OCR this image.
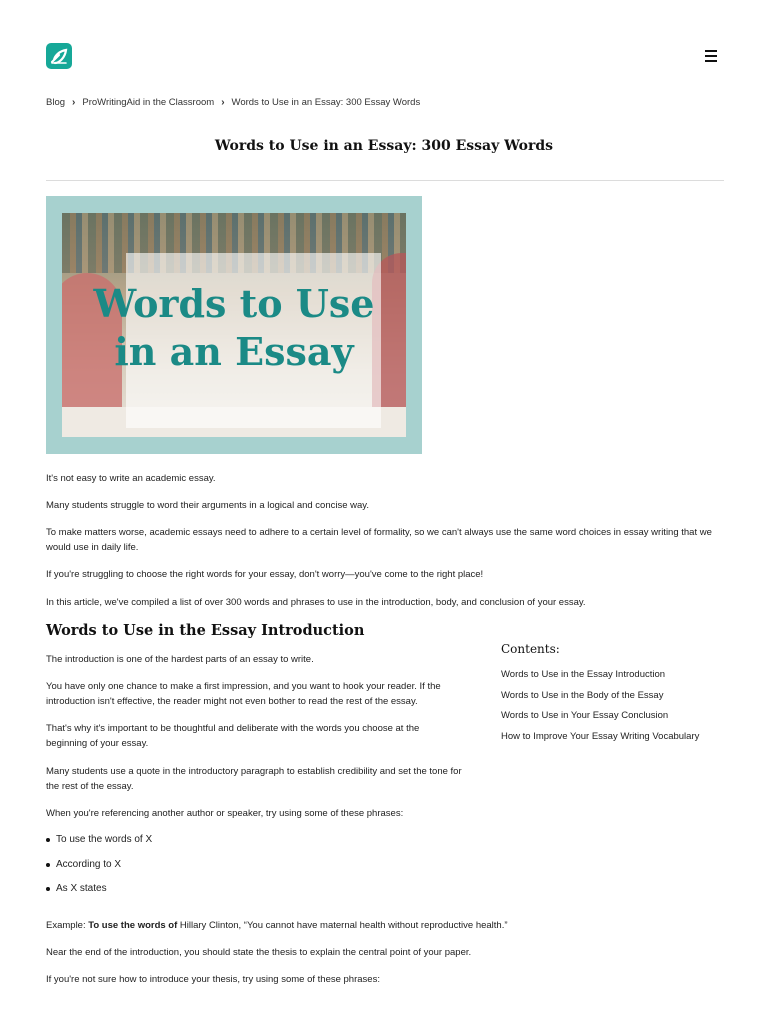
Blog › ProWritingAid in the Classroom › Words to Use in an Essay: 300 Essay Words
Words to Use in an Essay: 300 Essay Words
Words to Use
in an Essay

It's not easy to write an academic essay.

Many students struggle to word their arguments in a logical and concise way.

To make matters worse, academic essays need to adhere to a certain level of formality, so we can't always use the same word choices in essay writing that we would use in daily life.

If you're struggling to choose the right words for your essay, don't worry—you've come to the right place!

In this article, we've compiled a list of over 300 words and phrases to use in the introduction, body, and conclusion of your essay.

Words to Use in the Essay Introduction

The introduction is one of the hardest parts of an essay to write.

You have only one chance to make a first impression, and you want to hook your reader. If the introduction isn't effective, the reader might not even bother to read the rest of the essay.

That's why it's important to be thoughtful and deliberate with the words you choose at the beginning of your essay.

Many students use a quote in the introductory paragraph to establish credibility and set the tone for the rest of the essay.

When you're referencing another author or speaker, try using some of these phrases:

To use the words of X
According to X
As X states

Example: To use the words of Hillary Clinton, “You cannot have maternal health without reproductive health.”

Near the end of the introduction, you should state the thesis to explain the central point of your paper.

If you're not sure how to introduce your thesis, try using some of these phrases:

Contents:
Words to Use in the Essay Introduction
Words to Use in the Body of the Essay
Words to Use in Your Essay Conclusion
How to Improve Your Essay Writing Vocabulary
